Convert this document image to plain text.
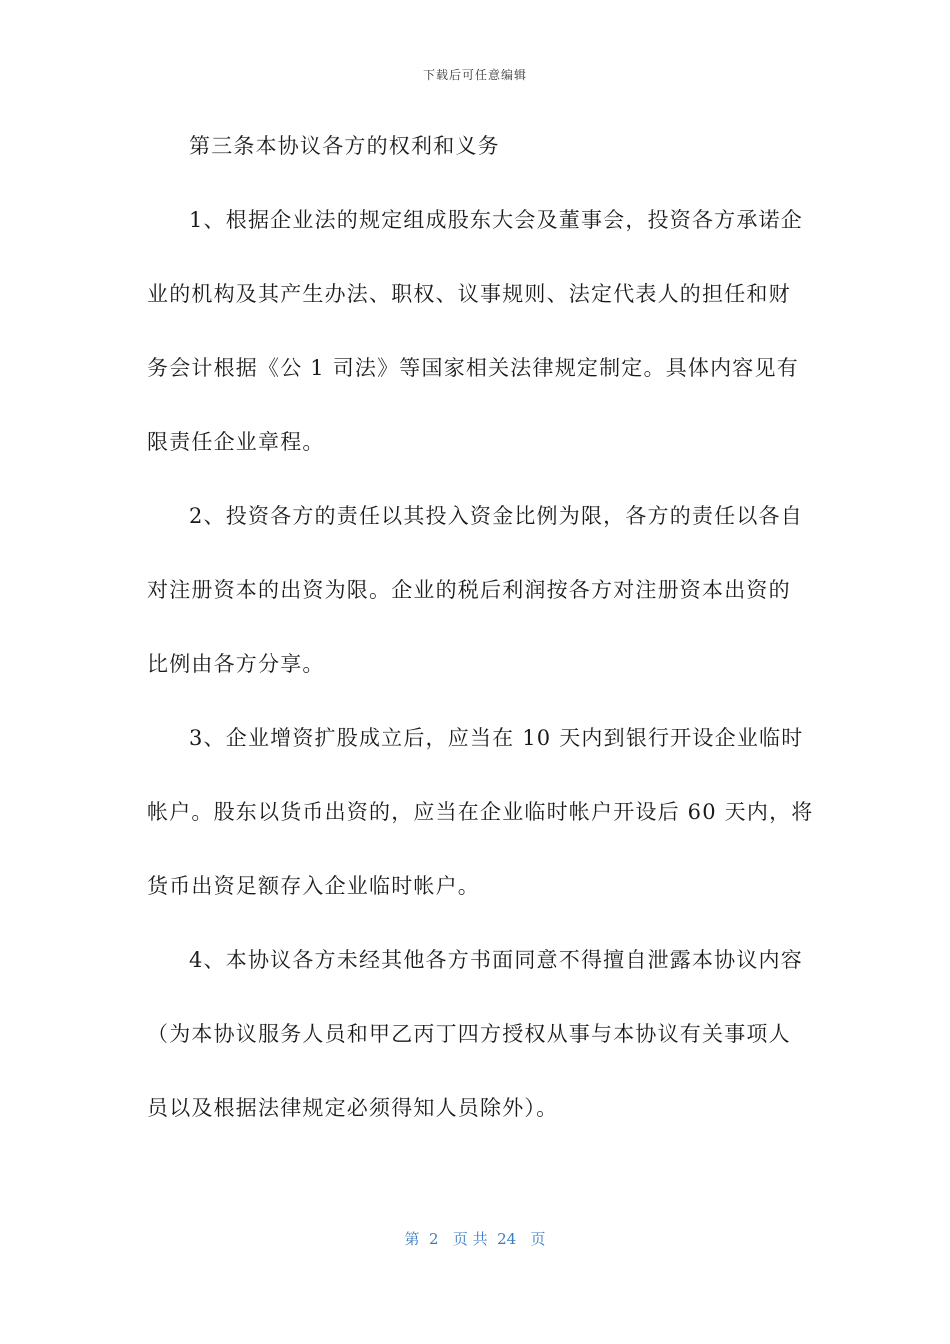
下载后可任意编辑
第三条本协议各方的权利和义务
1、根据企业法的规定组成股东大会及董事会，投资各方承诺企
业的机构及其产生办法、职权、议事规则、法定代表人的担任和财
务会计根据《公 1 司法》等国家相关法律规定制定。具体内容见有
限责任企业章程。
2、投资各方的责任以其投入资金比例为限，各方的责任以各自
对注册资本的出资为限。企业的税后利润按各方对注册资本出资的
比例由各方分享。
3、企业增资扩股成立后，应当在 10 天内到银行开设企业临时
帐户。股东以货币出资的，应当在企业临时帐户开设后 60 天内，将
货币出资足额存入企业临时帐户。
4、本协议各方未经其他各方书面同意不得擅自泄露本协议内容
（为本协议服务人员和甲乙丙丁四方授权从事与本协议有关事项人
员以及根据法律规定必须得知人员除外）。
第  2   页 共  24   页
